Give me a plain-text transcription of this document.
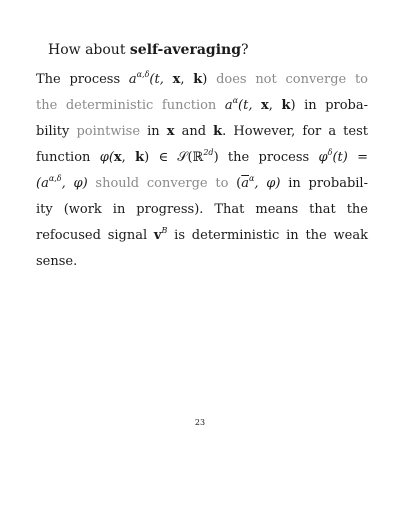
How about self-averaging?
The process $a^{\alpha,\delta}(t$, x, k) does not converge to
the deterministic function $a^\alpha(t$, x, k) in proba-
bility pointwise in x and k. However, for a test
function φ(x, k) ∈ 𝒮(ℝ$^{2d}$) the process $\varphi^\delta(t)$ =
($a^{\alpha,\delta}$, φ) should converge to ($\overline{a}^\alpha$, φ) in probabil-
ity (work in progress). That means that the
refocused signal $v^B$ is deterministic in the weak
sense.
23
